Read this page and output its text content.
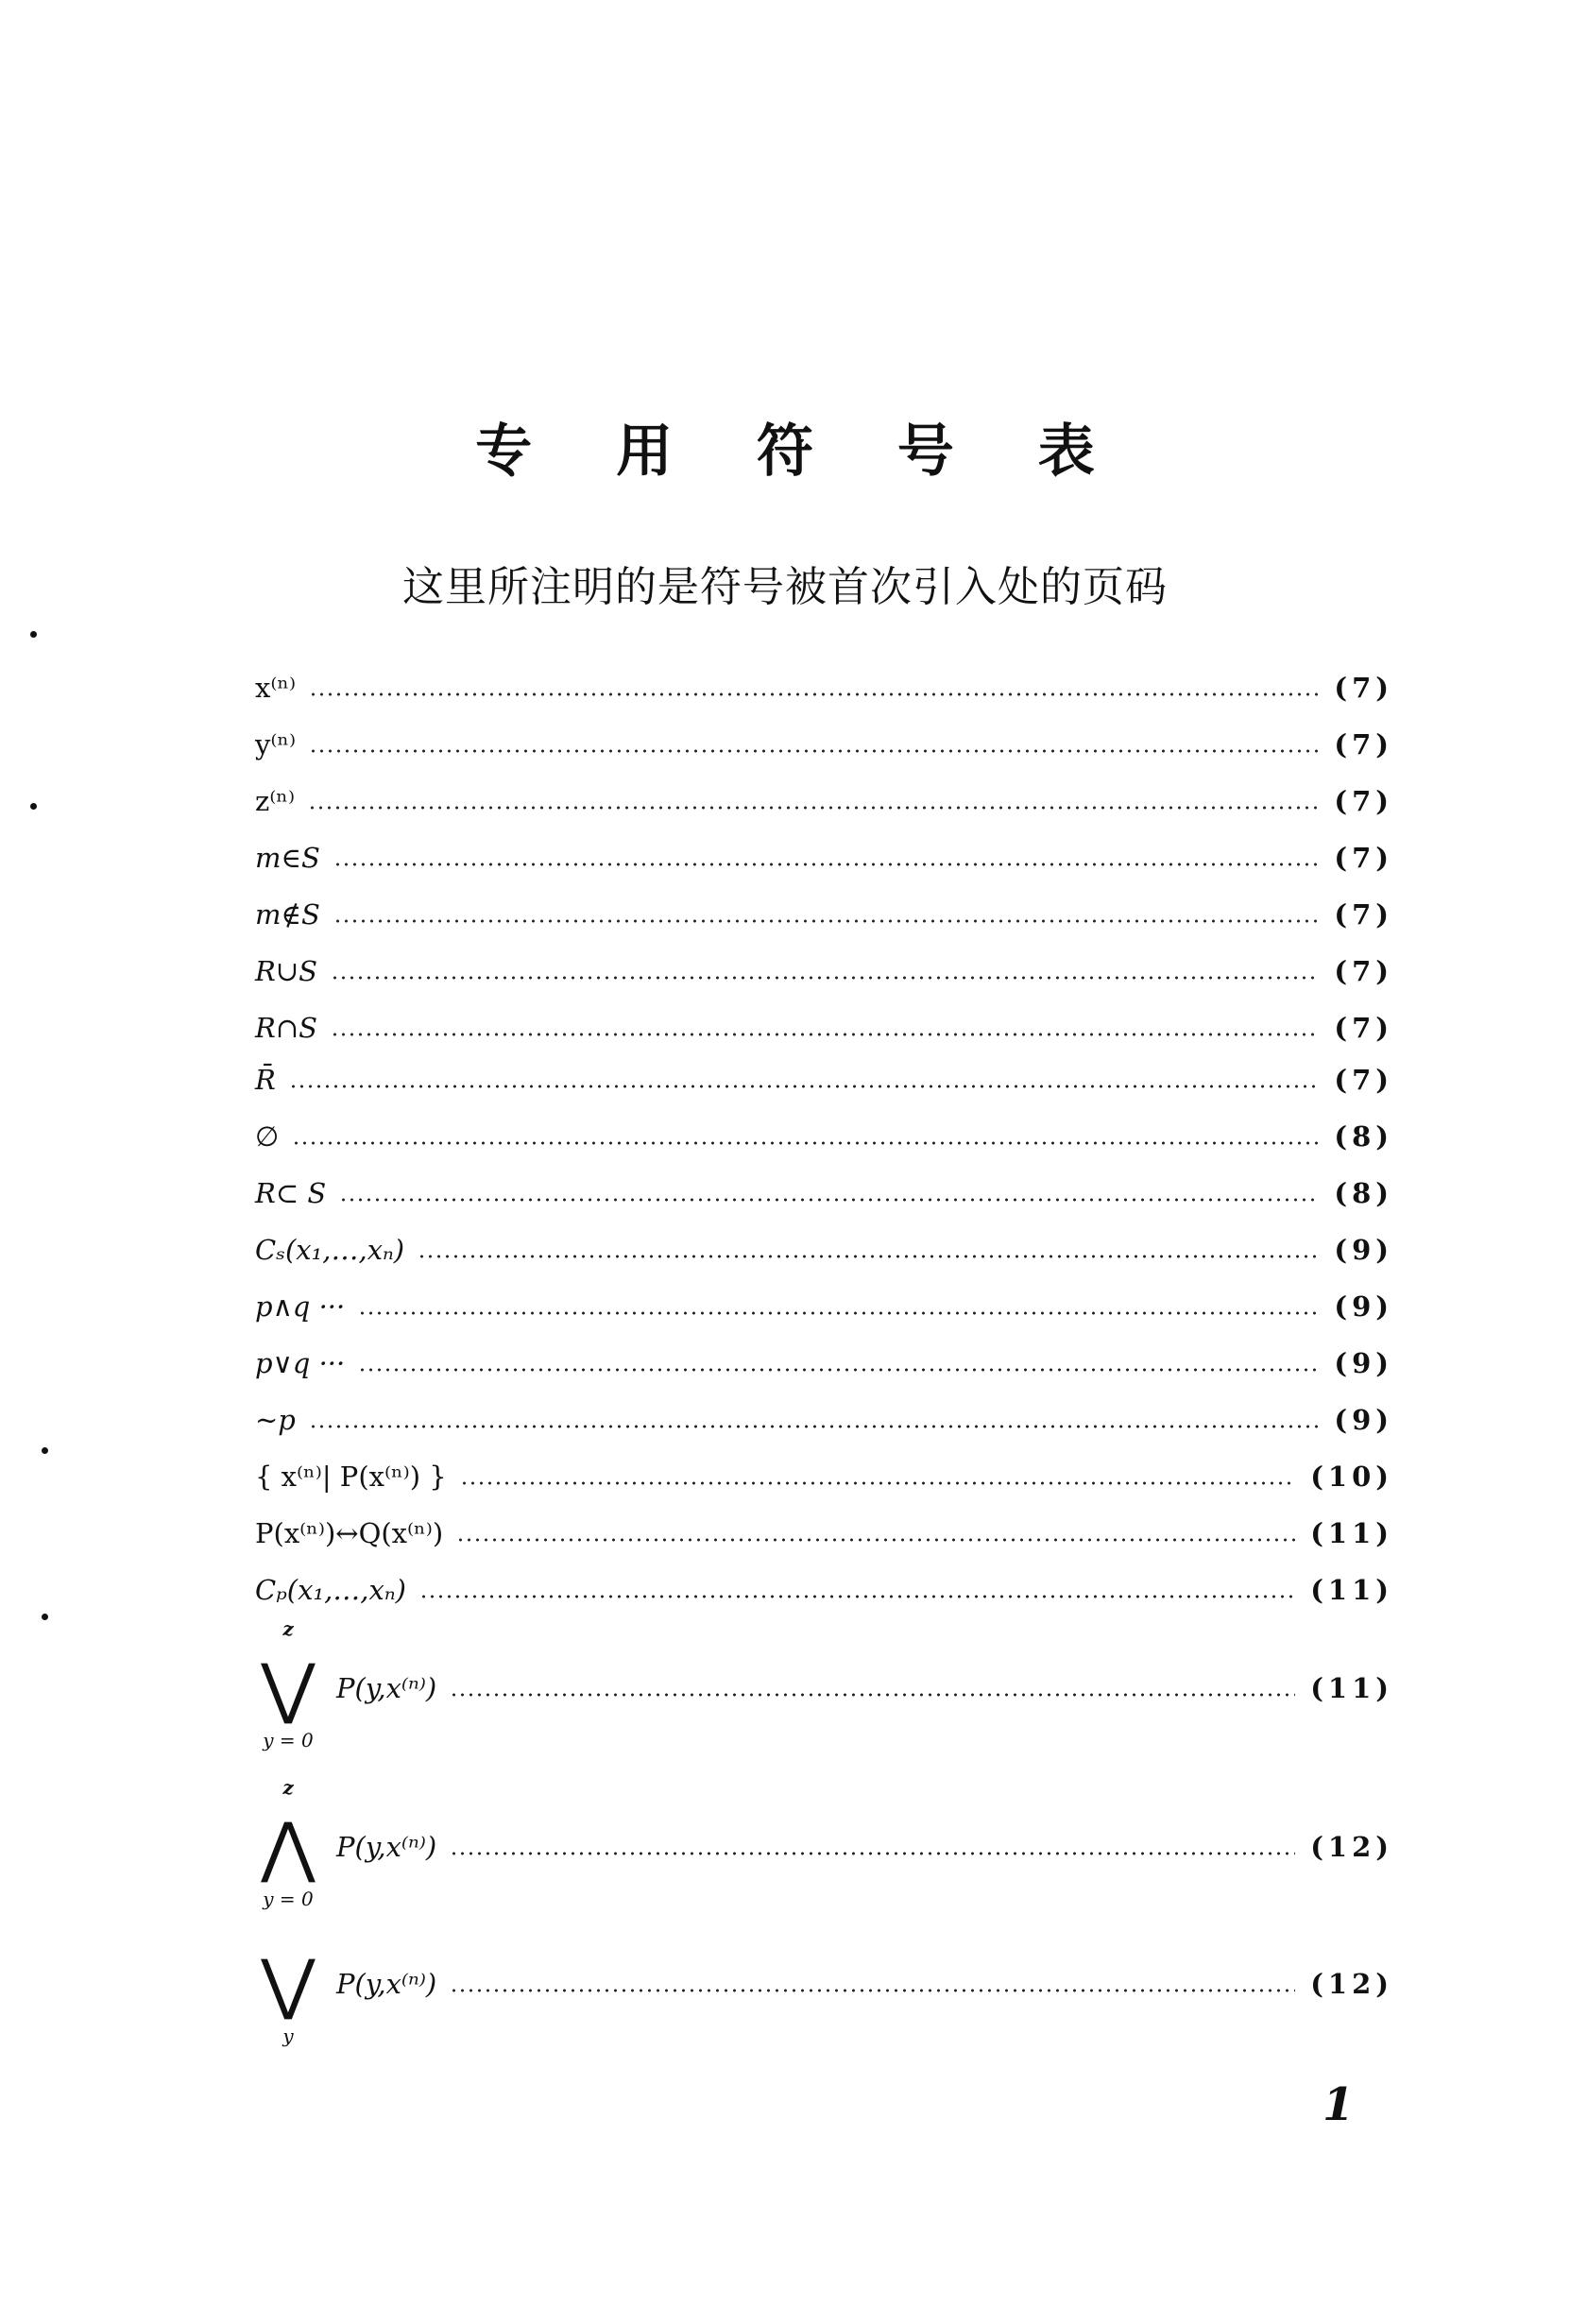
专 用 符 号 表
这里所注明的是符号被首次引入处的页码
x⁽ⁿ⁾	(7)
y⁽ⁿ⁾	(7)
z⁽ⁿ⁾	(7)
m∈S	(7)
m∉S	(7)
R∪S	(7)
R∩S	(7)
R̄	(7)
∅	(8)
R⊂ S	(8)
Cₛ(x₁,…,xₙ)	(9)
p∧q ···	(9)
p∨q ···	(9)
∼p	(9)
{ x⁽ⁿ⁾| P(x⁽ⁿ⁾) }	(10)
P(x⁽ⁿ⁾)↔Q(x⁽ⁿ⁾)	(11)
Cₚ(x₁,…,xₙ)	(11)
z
⋁
y = 0
P(y,x⁽ⁿ⁾)	(11)
z
⋀
y = 0
P(y,x⁽ⁿ⁾)	(12)
⋁
y
P(y,x⁽ⁿ⁾)	(12)
1
